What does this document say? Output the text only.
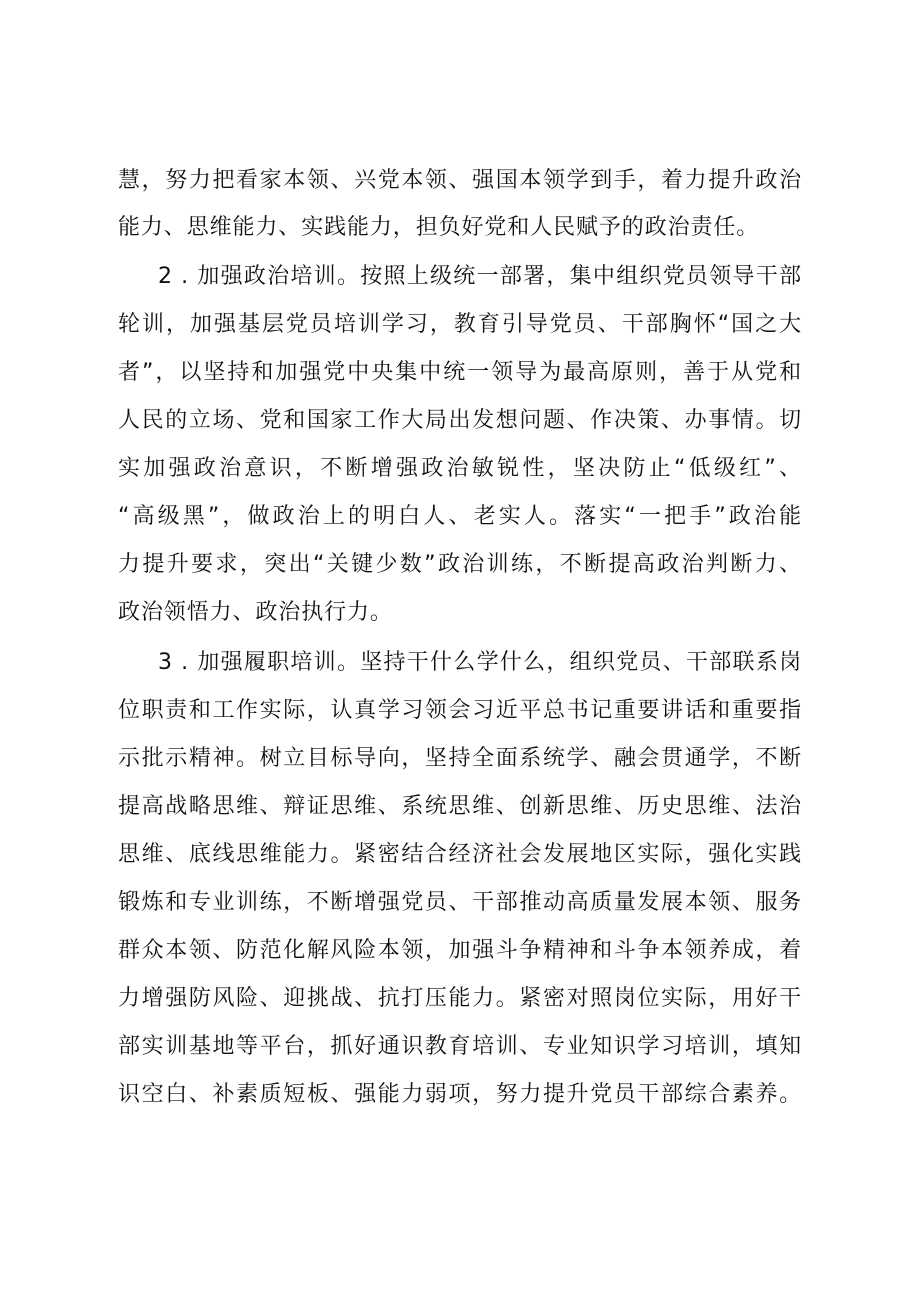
慧，努力把看家本领、兴党本领、强国本领学到手，着力提升政治
能力、思维能力、实践能力，担负好党和人民赋予的政治责任。
2 . 加强政治培训。按照上级统一部署，集中组织党员领导干部
轮训，加强基层党员培训学习，教育引导党员、干部胸怀“国之大
者”，以坚持和加强党中央集中统一领导为最高原则，善于从党和
人民的立场、党和国家工作大局出发想问题、作决策、办事情。切
实加强政治意识，不断增强政治敏锐性，坚决防止“低级红”、
“高级黑”，做政治上的明白人、老实人。落实“一把手”政治能
力提升要求，突出“关键少数”政治训练，不断提高政治判断力、
政治领悟力、政治执行力。
3 . 加强履职培训。坚持干什么学什么，组织党员、干部联系岗
位职责和工作实际，认真学习领会习近平总书记重要讲话和重要指
示批示精神。树立目标导向，坚持全面系统学、融会贯通学，不断
提高战略思维、辩证思维、系统思维、创新思维、历史思维、法治
思维、底线思维能力。紧密结合经济社会发展地区实际，强化实践
锻炼和专业训练，不断增强党员、干部推动高质量发展本领、服务
群众本领、防范化解风险本领，加强斗争精神和斗争本领养成，着
力增强防风险、迎挑战、抗打压能力。紧密对照岗位实际，用好干
部实训基地等平台，抓好通识教育培训、专业知识学习培训，填知
识空白、补素质短板、强能力弱项，努力提升党员干部综合素养。
